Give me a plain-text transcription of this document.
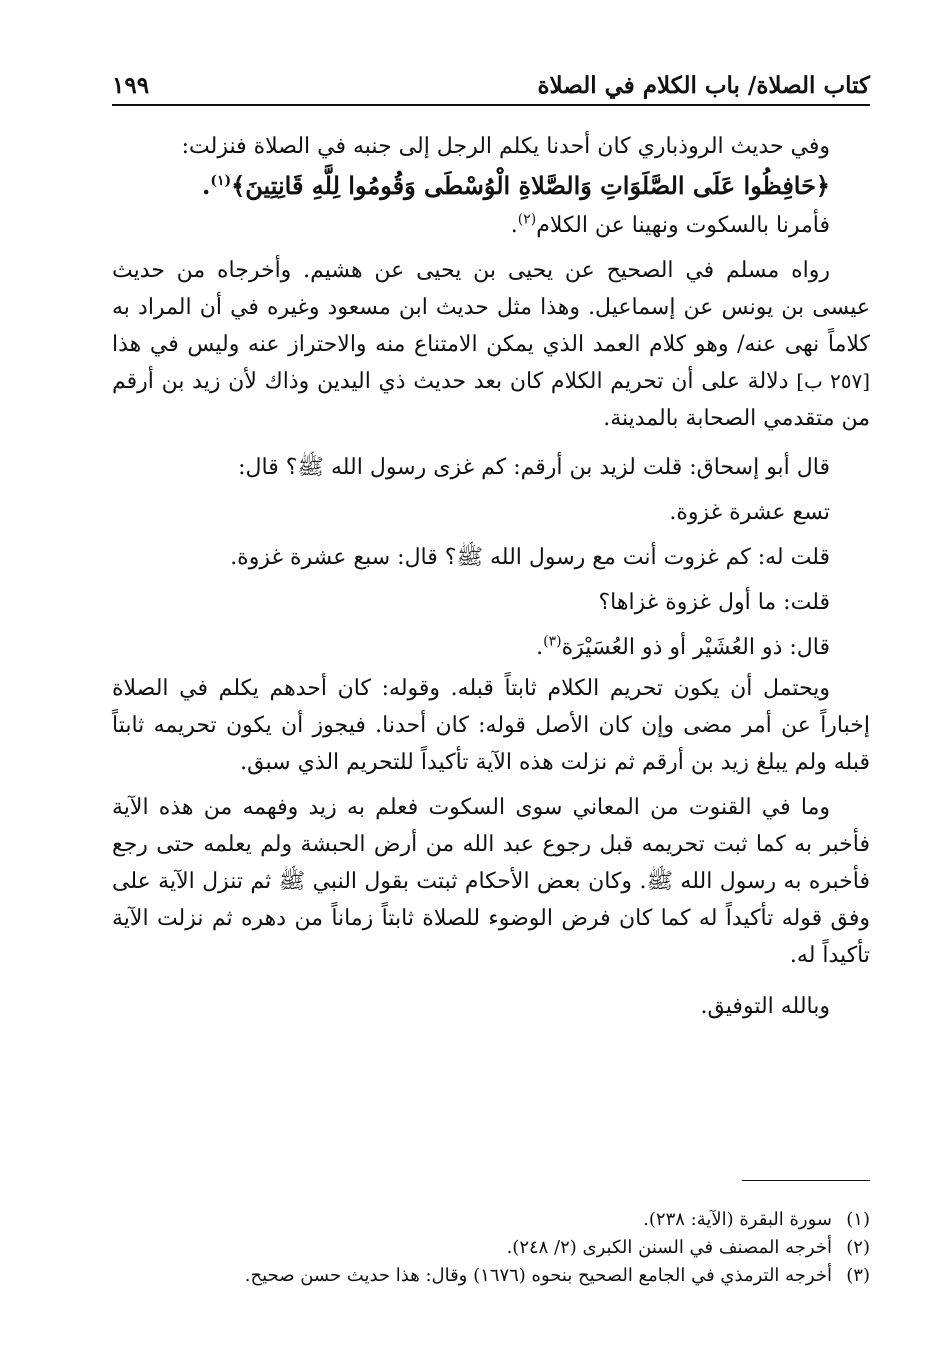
كتاب الصلاة/ باب الكلام في الصلاة
١٩٩

وفي حديث الروذباري كان أحدنا يكلم الرجل إلى جنبه في الصلاة فنزلت:

﴿حَافِظُوا عَلَى الصَّلَوَاتِ وَالصَّلاةِ الْوُسْطَى وَقُومُوا لِلَّهِ قَانِتِينَ﴾$^{(١)}$.

فأمرنا بالسكوت ونهينا عن الكلام$^{(٢)}$.

رواه مسلم في الصحيح عن يحيى بن يحيى عن هشيم. وأخرجاه من حديث عيسى بن يونس عن إسماعيل. وهذا مثل حديث ابن مسعود وغيره في أن المراد به كلاماً نهى عنه/ وهو كلام العمد الذي يمكن الامتناع منه والاحتراز عنه وليس في هذا [٢٥٧ ب] دلالة على أن تحريم الكلام كان بعد حديث ذي اليدين وذاك لأن زيد بن أرقم من متقدمي الصحابة بالمدينة.

قال أبو إسحاق: قلت لزيد بن أرقم: كم غزى رسول الله ﷺ؟ قال:

تسع عشرة غزوة.

قلت له: كم غزوت أنت مع رسول الله ﷺ؟ قال: سبع عشرة غزوة.

قلت: ما أول غزوة غزاها؟

قال: ذو العُشَيْر أو ذو العُسَيْرَة$^{(٣)}$.

ويحتمل أن يكون تحريم الكلام ثابتاً قبله. وقوله: كان أحدهم يكلم في الصلاة إخباراً عن أمر مضى وإن كان الأصل قوله: كان أحدنا. فيجوز أن يكون تحريمه ثابتاً قبله ولم يبلغ زيد بن أرقم ثم نزلت هذه الآية تأكيداً للتحريم الذي سبق.

وما في القنوت من المعاني سوى السكوت فعلم به زيد وفهمه من هذه الآية فأخبر به كما ثبت تحريمه قبل رجوع عبد الله من أرض الحبشة ولم يعلمه حتى رجع فأخبره به رسول الله ﷺ. وكان بعض الأحكام ثبتت بقول النبي ﷺ ثم تنزل الآية على وفق قوله تأكيداً له كما كان فرض الوضوء للصلاة ثابتاً زماناً من دهره ثم نزلت الآية تأكيداً له.

وبالله التوفيق.

(١)سورة البقرة (الآية: ٢٣٨).
(٢)أخرجه المصنف في السنن الكبرى (٢/ ٢٤٨).
(٣)أخرجه الترمذي في الجامع الصحيح بنحوه (١٦٧٦) وقال: هذا حديث حسن صحيح.
